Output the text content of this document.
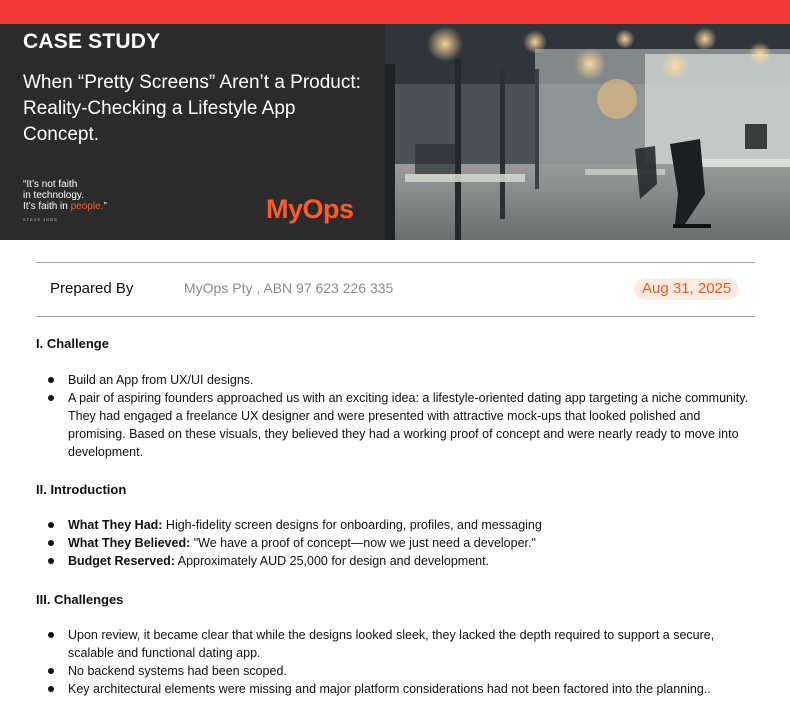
CASE STUDY
When “Pretty Screens” Aren’t a Product: Reality-Checking a Lifestyle App Concept.
“It’s not faith
in technology.
It’s faith in people.”
STEVE JOBS	MyOps
Prepared By	MyOps Pty , ABN 97 623 226 335	Aug 31, 2025
I. Challenge
Build an App from UX/UI designs.
A pair of aspiring founders approached us with an exciting idea: a lifestyle-oriented dating app targeting a niche community. They had engaged a freelance UX designer and were presented with attractive mock-ups that looked polished and promising. Based on these visuals, they believed they had a working proof of concept and were nearly ready to move into development.
II. Introduction
What They Had: High-fidelity screen designs for onboarding, profiles, and messaging
What They Believed: "We have a proof of concept—now we just need a developer."
Budget Reserved: Approximately AUD 25,000 for design and development.
III. Challenges
Upon review, it became clear that while the designs looked sleek, they lacked the depth required to support a secure, scalable and functional dating app.
No backend systems had been scoped.
Key architectural elements were missing and major platform considerations had not been factored into the planning..
